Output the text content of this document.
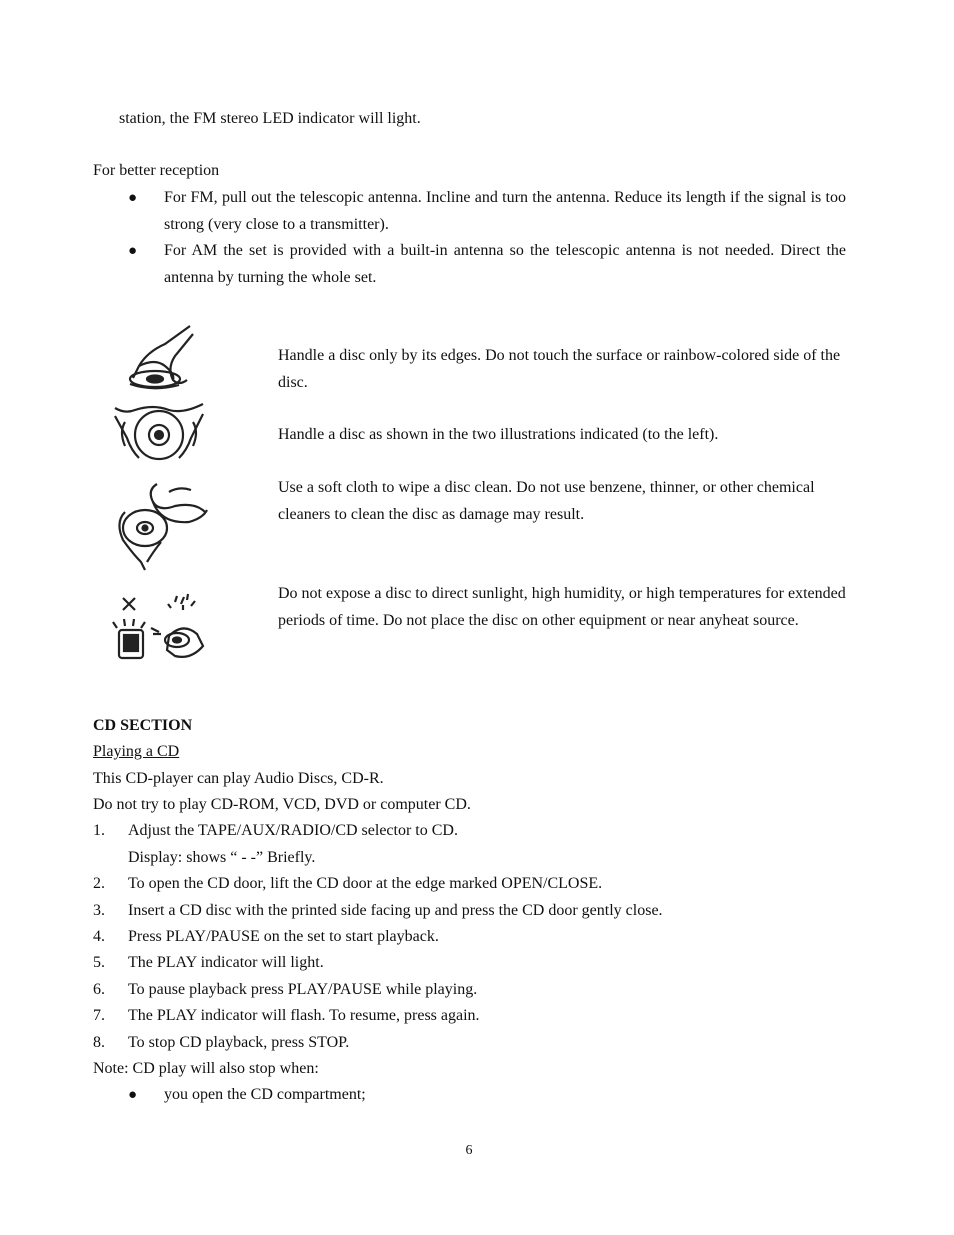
station, the FM stereo LED indicator will light.
For better reception
● For FM, pull out the telescopic antenna. Incline and turn the antenna. Reduce its length if the signal is too strong (very close to a transmitter).
● For AM the set is provided with a built-in antenna so the telescopic antenna is not needed. Direct the antenna by turning the whole set.
Handle a disc only by its edges. Do not touch the surface or rainbow-colored side of the disc.
Handle a disc as shown in the two illustrations indicated (to the left).
Use a soft cloth to wipe a disc clean. Do not use benzene, thinner, or other chemical cleaners to clean the disc as damage may result.
Do not expose a disc to direct sunlight, high humidity, or high temperatures for extended periods of time. Do not place the disc on other equipment or near anyheat source.
CD SECTION
Playing a CD
This CD-player can play Audio Discs, CD-R.
Do not try to play CD-ROM, VCD, DVD or computer CD.
1. Adjust the TAPE/AUX/RADIO/CD selector to CD.
Display: shows “ - -” Briefly.
2. To open the CD door, lift the CD door at the edge marked OPEN/CLOSE.
3. Insert a CD disc with the printed side facing up and press the CD door gently close.
4. Press PLAY/PAUSE on the set to start playback.
5. The PLAY indicator will light.
6. To pause playback press PLAY/PAUSE while playing.
7. The PLAY indicator will flash. To resume, press again.
8. To stop CD playback, press STOP.
Note: CD play will also stop when:
● you open the CD compartment;
6
